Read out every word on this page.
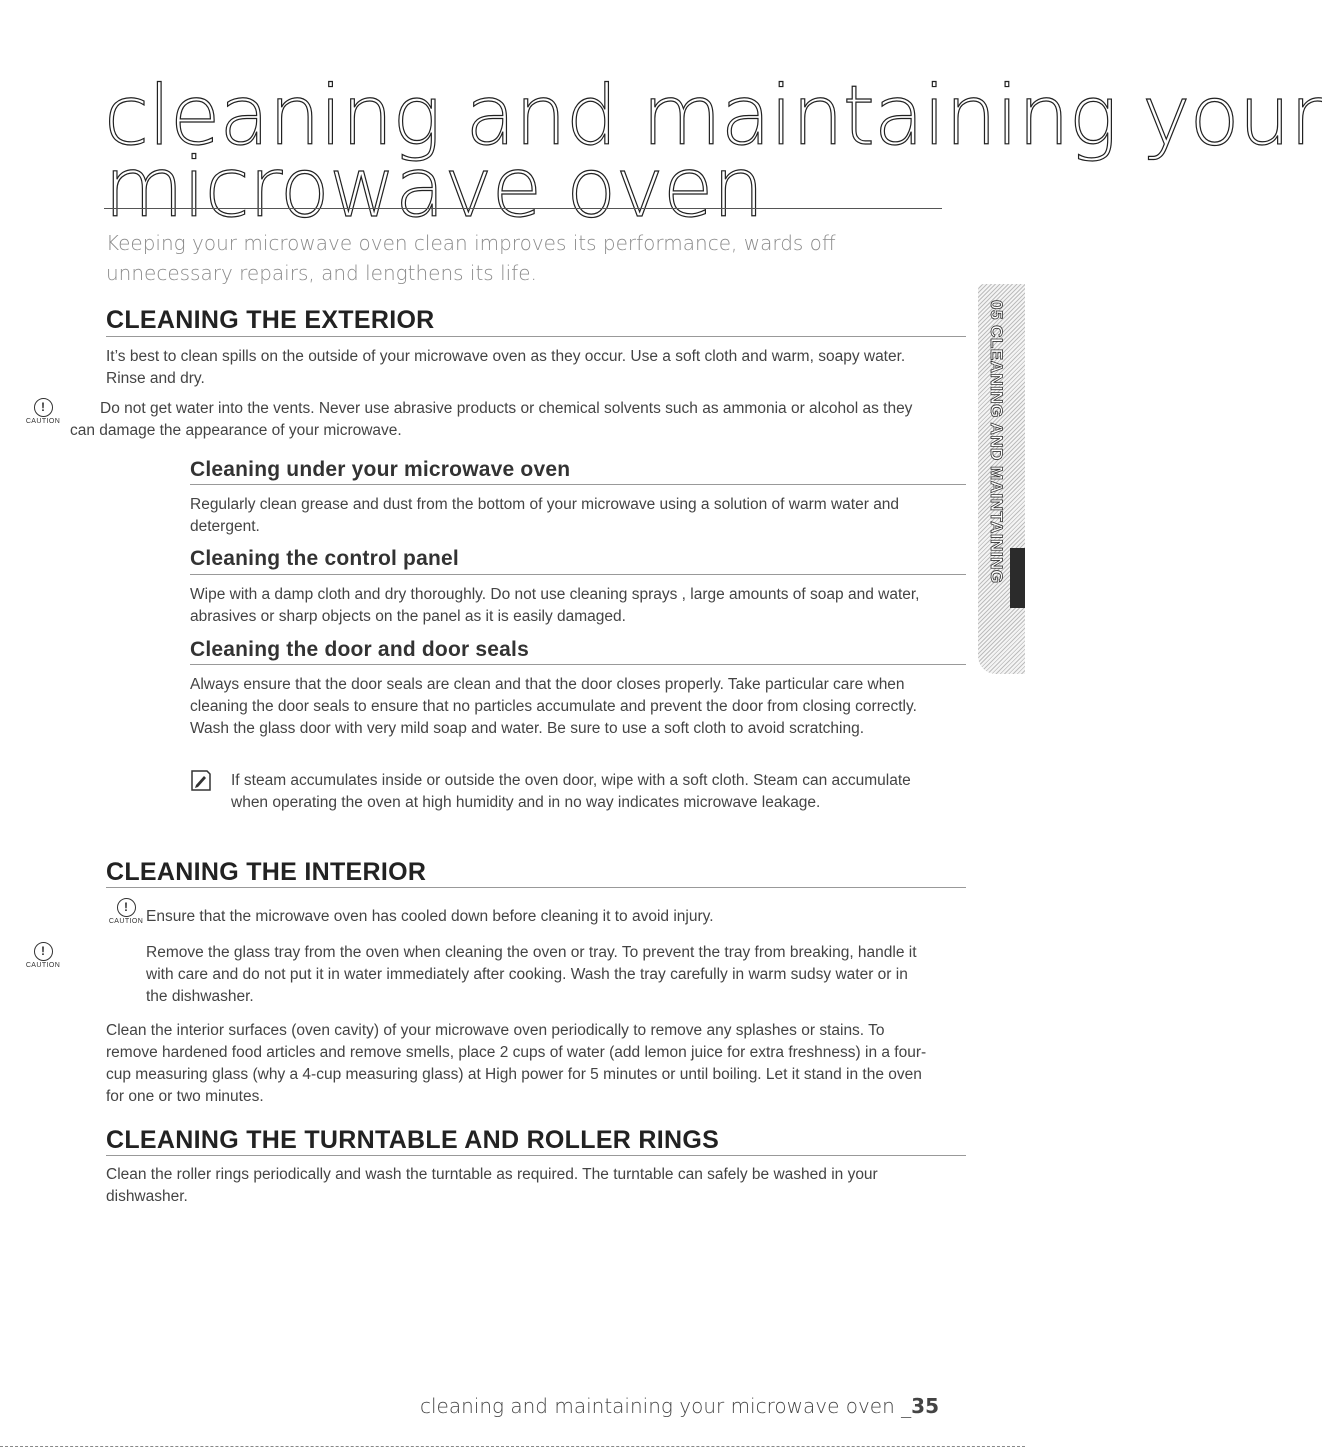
cleaning and maintaining your
microwave oven
Keeping your microwave oven clean improves its performance, wards off unnecessary repairs, and lengthens its life.
05 CLEANING AND MAINTAINING
CLEANING THE EXTERIOR
It’s best to clean spills on the outside of your microwave oven as they occur. Use a soft cloth and warm, soapy water. Rinse and dry.
!
CAUTION
Do not get water into the vents. Never use abrasive products or chemical solvents such as ammonia or alcohol as they can damage the appearance of your microwave.
Cleaning under your microwave oven
Regularly clean grease and dust from the bottom of your microwave using a solution of warm water and detergent.
Cleaning the control panel
Wipe with a damp cloth and dry thoroughly. Do not use cleaning sprays , large amounts of soap and water, abrasives or sharp objects on the panel as it is easily damaged.
Cleaning the door and door seals
Always ensure that the door seals are clean and that the door closes properly. Take particular care when cleaning the door seals to ensure that no particles accumulate and prevent the door from closing correctly. Wash the glass door with very mild soap and water. Be sure to use a soft cloth to avoid scratching.
If steam accumulates inside or outside the oven door, wipe with a soft cloth. Steam can accumulate when operating the oven at high humidity and in no way indicates microwave leakage.
CLEANING THE INTERIOR
!
CAUTION Ensure that the microwave oven has cooled down before cleaning it to avoid injury.
!
CAUTION
Remove the glass tray from the oven when cleaning the oven or tray. To prevent the tray from breaking, handle it with care and do not put it in water immediately after cooking. Wash the tray carefully in warm sudsy water or in the dishwasher.
Clean the interior surfaces (oven cavity) of your microwave oven periodically to remove any splashes or stains. To remove hardened food articles and remove smells, place 2 cups of water (add lemon juice for extra freshness) in a four-cup measuring glass (why a 4-cup measuring glass) at High power for 5 minutes or until boiling. Let it stand in the oven for one or two minutes.
CLEANING THE TURNTABLE AND ROLLER RINGS
Clean the roller rings periodically and wash the turntable as required. The turntable can safely be washed in your dishwasher.
cleaning and maintaining your microwave oven _35
